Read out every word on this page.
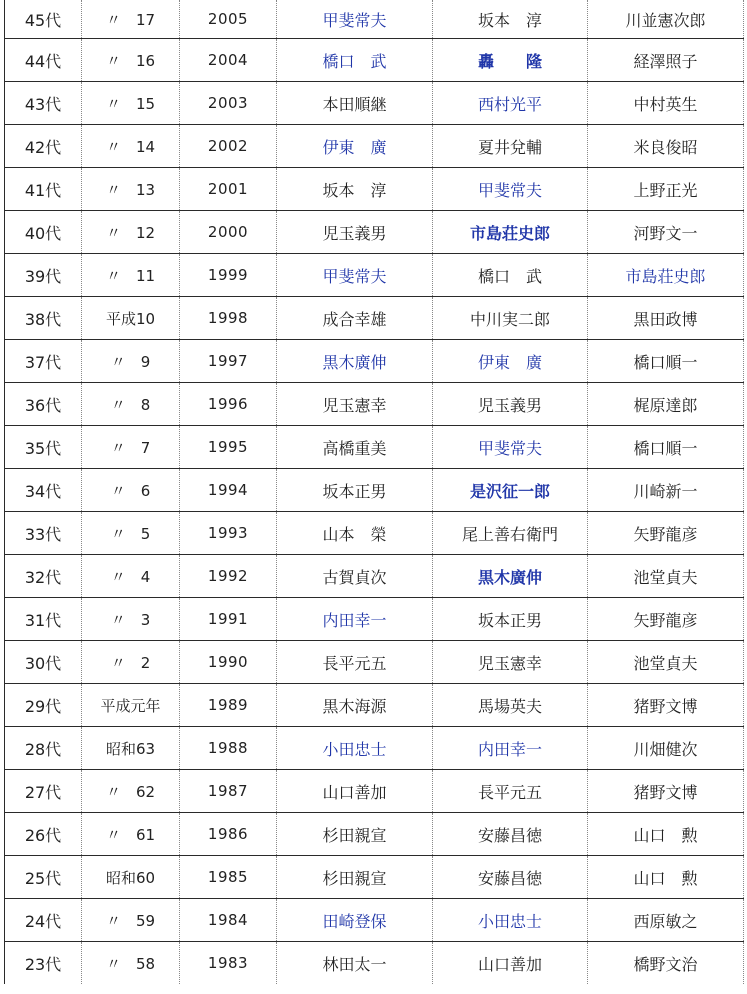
45代	〃　17	2005	甲斐常夫	坂本　淳	川並憲次郎
44代	〃　16	2004	橋口　武	轟　　隆	経澤照子
43代	〃　15	2003	本田順継	西村光平	中村英生
42代	〃　14	2002	伊東　廣	夏井兌輔	米良俊昭
41代	〃　13	2001	坂本　淳	甲斐常夫	上野正光
40代	〃　12	2000	児玉義男	市島荘史郎	河野文一
39代	〃　11	1999	甲斐常夫	橋口　武	市島荘史郎
38代	平成10	1998	成合幸雄	中川実二郎	黒田政博
37代	〃　9	1997	黒木廣伸	伊東　廣	橋口順一
36代	〃　8	1996	児玉憲幸	児玉義男	梶原達郎
35代	〃　7	1995	高橋重美	甲斐常夫	橋口順一
34代	〃　6	1994	坂本正男	是沢征一郎	川崎新一
33代	〃　5	1993	山本　榮	尾上善右衛門	矢野龍彦
32代	〃　4	1992	古賀貞次	黒木廣伸	池堂貞夫
31代	〃　3	1991	内田幸一	坂本正男	矢野龍彦
30代	〃　2	1990	長平元五	児玉憲幸	池堂貞夫
29代	平成元年	1989	黒木海源	馬場英夫	猪野文博
28代	昭和63	1988	小田忠士	内田幸一	川畑健次
27代	〃　62	1987	山口善加	長平元五	猪野文博
26代	〃　61	1986	杉田親宣	安藤昌徳	山口　勲
25代	昭和60	1985	杉田親宣	安藤昌徳	山口　勲
24代	〃　59	1984	田崎登保	小田忠士	西原敏之
23代	〃　58	1983	林田太一	山口善加	橋野文治
